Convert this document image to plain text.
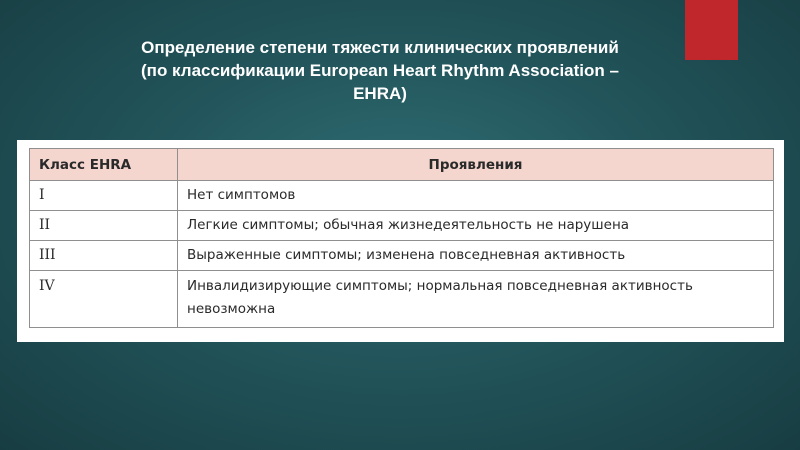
Определение степени тяжести клинических проявлений
(по классификации European Heart Rhythm Association –
EHRA)
Класс EHRA	Проявления
I	Нет симптомов
II	Легкие симптомы; обычная жизнедеятельность не нарушена
III	Выраженные симптомы; изменена повседневная активность
IV	Инвалидизирующие симптомы; нормальная повседневная активность невозможна
